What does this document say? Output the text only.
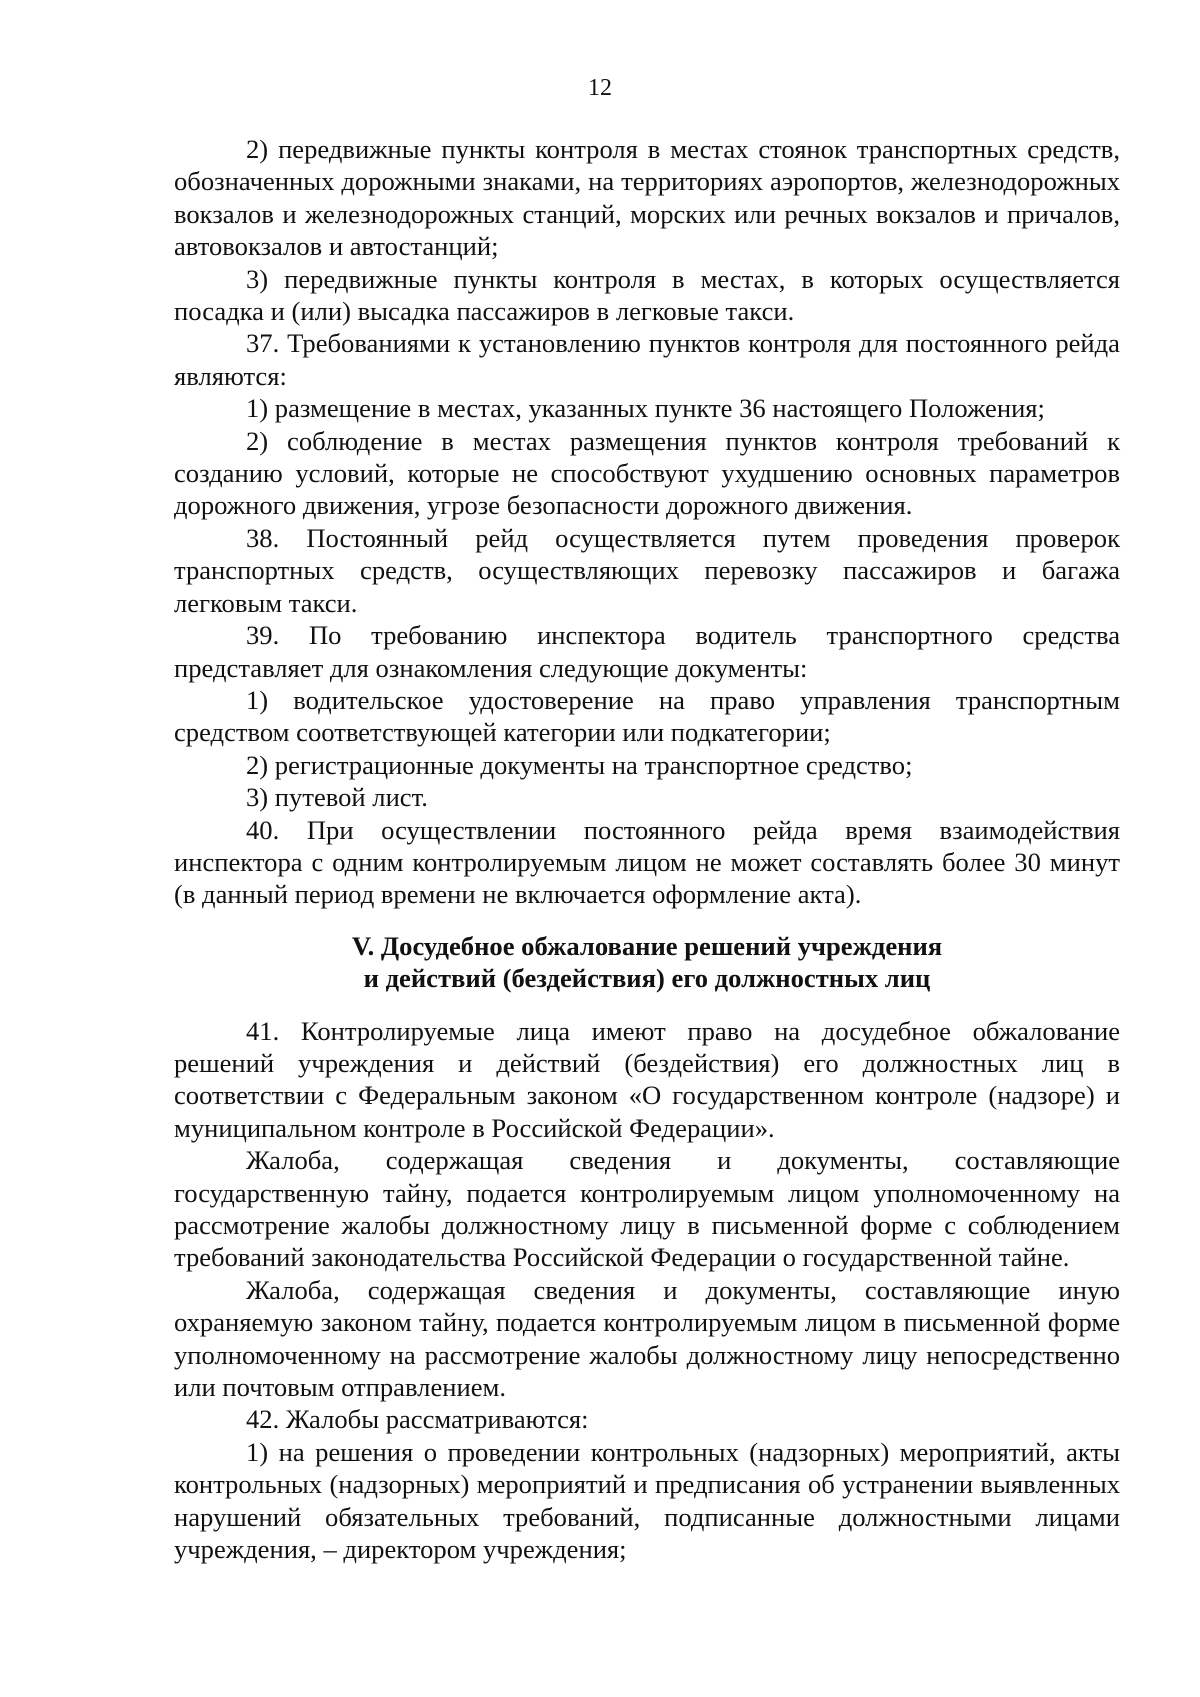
12

2) передвижные пункты контроля в местах стоянок транспортных средств, обозначенных дорожными знаками, на территориях аэропортов, железнодорожных вокзалов и железнодорожных станций, морских или речных вокзалов и причалов, автовокзалов и автостанций;

3) передвижные пункты контроля в местах, в которых осуществляется посадка и (или) высадка пассажиров в легковые такси.

37. Требованиями к установлению пунктов контроля для постоянного рейда являются:

1) размещение в местах, указанных пункте 36 настоящего Положения;

2) соблюдение в местах размещения пунктов контроля требований к созданию условий, которые не способствуют ухудшению основных параметров дорожного движения, угрозе безопасности дорожного движения.

38. Постоянный рейд осуществляется путем проведения проверок транспортных средств, осуществляющих перевозку пассажиров и багажа легковым такси.

39. По требованию инспектора водитель транспортного средства представляет для ознакомления следующие документы:

1) водительское удостоверение на право управления транспортным средством соответствующей категории или подкатегории;

2) регистрационные документы на транспортное средство;

3) путевой лист.

40. При осуществлении постоянного рейда время взаимодействия инспектора с одним контролируемым лицом не может составлять более 30 минут (в данный период времени не включается оформление акта).

V. Досудебное обжалование решений учреждения
и действий (бездействия) его должностных лиц

41. Контролируемые лица имеют право на досудебное обжалование решений учреждения и действий (бездействия) его должностных лиц в соответствии с Федеральным законом «О государственном контроле (надзоре) и муниципальном контроле в Российской Федерации».

Жалоба, содержащая сведения и документы, составляющие государственную тайну, подается контролируемым лицом уполномоченному на рассмотрение жалобы должностному лицу в письменной форме с соблюдением требований законодательства Российской Федерации о государственной тайне.

Жалоба, содержащая сведения и документы, составляющие иную охраняемую законом тайну, подается контролируемым лицом в письменной форме уполномоченному на рассмотрение жалобы должностному лицу непосредственно или почтовым отправлением.

42. Жалобы рассматриваются:

1) на решения о проведении контрольных (надзорных) мероприятий, акты контрольных (надзорных) мероприятий и предписания об устранении выявленных нарушений обязательных требований, подписанные должностными лицами учреждения, – директором учреждения;
